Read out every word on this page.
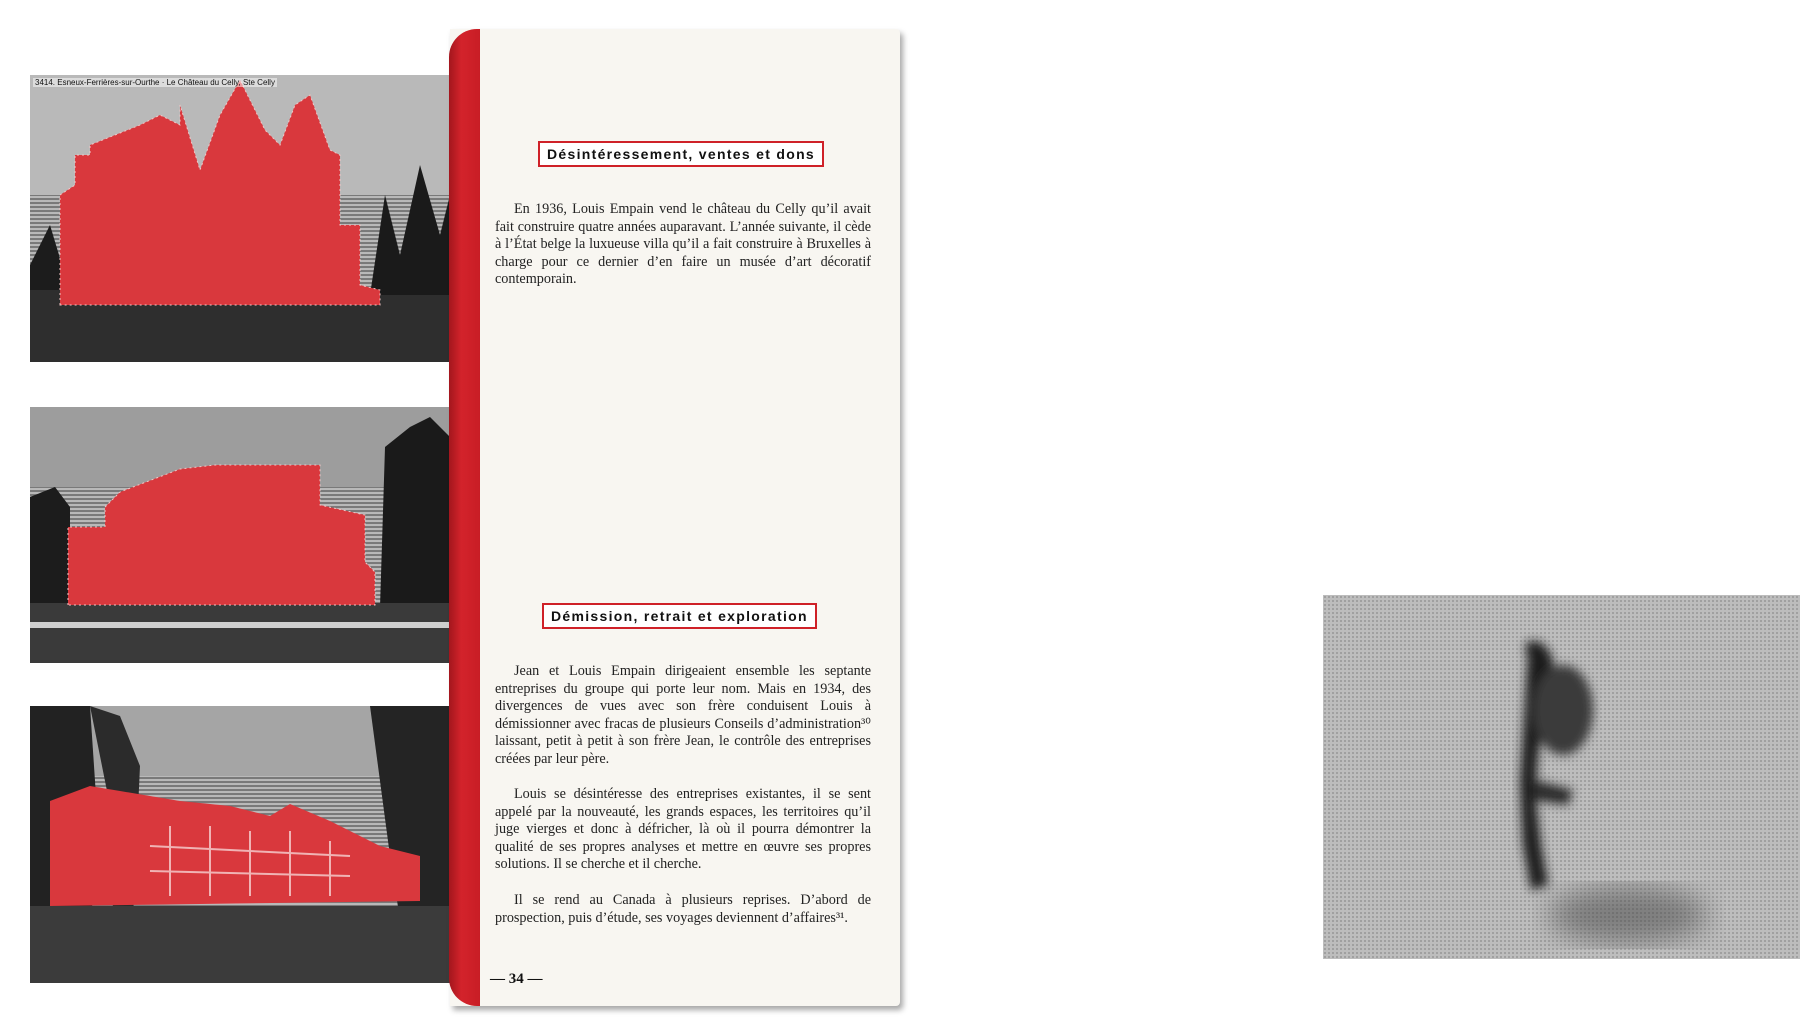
3414. Esneux-Ferrières-sur-Ourthe · Le Château du Celly, Ste Celly
Désintéressement, ventes et dons

En 1936, Louis Empain vend le château du Celly qu’il avait fait construire quatre années auparavant. L’année suivante, il cède à l’État belge la luxueuse villa qu’il a fait construire à Bruxelles à charge pour ce dernier d’en faire un musée d’art décoratif contemporain.

Démission, retrait et exploration

Jean et Louis Empain dirigeaient ensemble les septante entreprises du groupe qui porte leur nom. Mais en 1934, des divergences de vues avec son frère conduisent Louis à démissionner avec fracas de plusieurs Conseils d’administration³⁰ laissant, petit à petit à son frère Jean, le contrôle des entreprises créées par leur père.

Louis se désintéresse des entreprises existantes, il se sent appelé par la nouveauté, les grands espaces, les territoires qu’il juge vierges et donc à défricher, là où il pourra démontrer la qualité de ses propres analyses et mettre en œuvre ses propres solutions. Il se cherche et il cherche.

Il se rend au Canada à plusieurs reprises. D’abord de prospection, puis d’étude, ses voyages deviennent d’affaires³¹.

— 34 —
